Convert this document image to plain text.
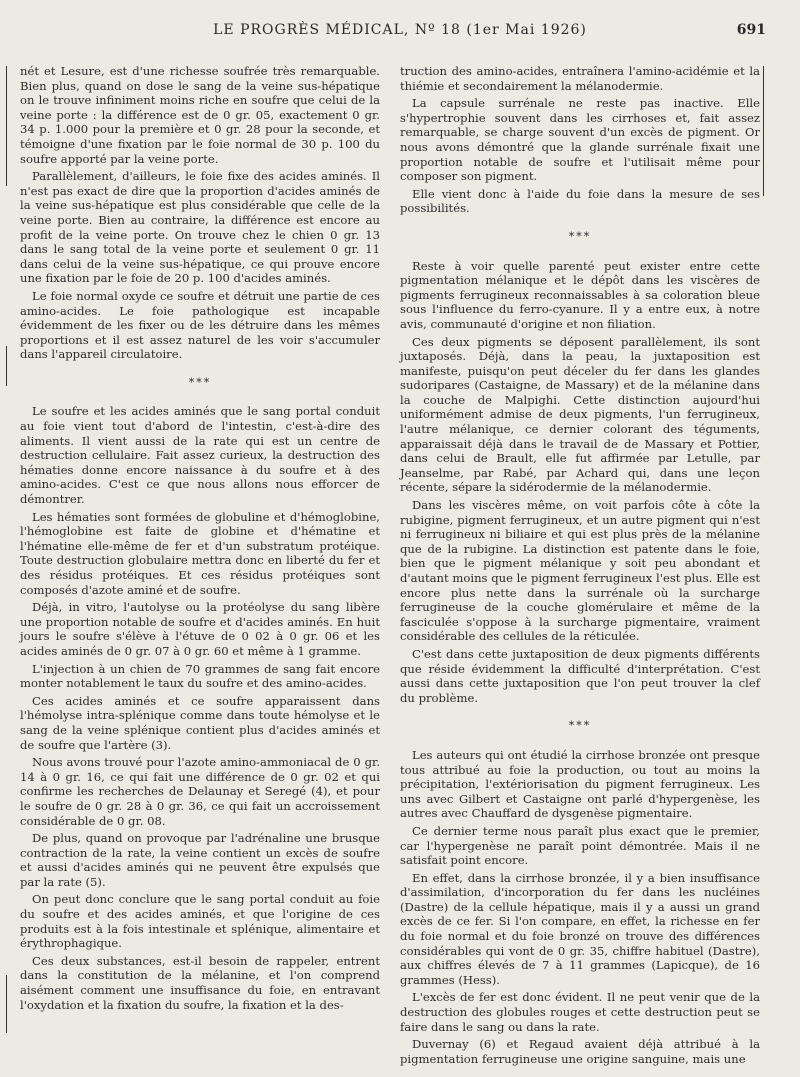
LE PROGRÈS MÉDICAL, Nº 18 (1er Mai 1926)	691

nét et Lesure, est d'une richesse soufrée très remarquable. Bien plus, quand on dose le sang de la veine sus-hépatique on le trouve infiniment moins riche en soufre que celui de la veine porte : la différence est de 0 gr. 05, exactement 0 gr. 34 p. 1.000 pour la première et 0 gr. 28 pour la seconde, et témoigne d'une fixation par le foie normal de 30 p. 100 du soufre apporté par la veine porte.

Parallèlement, d'ailleurs, le foie fixe des acides aminés. Il n'est pas exact de dire que la proportion d'acides aminés de la veine sus-hépatique est plus considérable que celle de la veine porte. Bien au contraire, la différence est encore au profit de la veine porte. On trouve chez le chien 0 gr. 13 dans le sang total de la veine porte et seulement 0 gr. 11 dans celui de la veine sus-hépatique, ce qui prouve encore une fixation par le foie de 20 p. 100 d'acides aminés.

Le foie normal oxyde ce soufre et détruit une partie de ces amino-acides. Le foie pathologique est incapable évidemment de les fixer ou de les détruire dans les mêmes proportions et il est assez naturel de les voir s'accumuler dans l'appareil circulatoire.

***

Le soufre et les acides aminés que le sang portal conduit au foie vient tout d'abord de l'intestin, c'est-à-dire des aliments. Il vient aussi de la rate qui est un centre de destruction cellulaire. Fait assez curieux, la destruction des hématies donne encore naissance à du soufre et à des amino-acides. C'est ce que nous allons nous efforcer de démontrer.

Les hématies sont formées de globuline et d'hémoglobine, l'hémoglobine est faite de globine et d'hématine et l'hématine elle-même de fer et d'un substratum protéique. Toute destruction globulaire mettra donc en liberté du fer et des résidus protéiques. Et ces résidus protéiques sont composés d'azote aminé et de soufre.

Déjà, in vitro, l'autolyse ou la protéolyse du sang libère une proportion notable de soufre et d'acides aminés. En huit jours le soufre s'élève à l'étuve de 0 02 à 0 gr. 06 et les acides aminés de 0 gr. 07 à 0 gr. 60 et même à 1 gramme.

L'injection à un chien de 70 grammes de sang fait encore monter notablement le taux du soufre et des amino-acides.

Ces acides aminés et ce soufre apparaissent dans l'hémolyse intra-splénique comme dans toute hémolyse et le sang de la veine splénique contient plus d'acides aminés et de soufre que l'artère (3).

Nous avons trouvé pour l'azote amino-ammoniacal de 0 gr. 14 à 0 gr. 16, ce qui fait une différence de 0 gr. 02 et qui confirme les recherches de Delaunay et Seregé (4), et pour le soufre de 0 gr. 28 à 0 gr. 36, ce qui fait un accroissement considérable de 0 gr. 08.

De plus, quand on provoque par l'adrénaline une brusque contraction de la rate, la veine contient un excès de soufre et aussi d'acides aminés qui ne peuvent être expulsés que par la rate (5).

On peut donc conclure que le sang portal conduit au foie du soufre et des acides aminés, et que l'origine de ces produits est à la fois intestinale et splénique, alimentaire et érythrophagique.

Ces deux substances, est-il besoin de rappeler, entrent dans la constitution de la mélanine, et l'on comprend aisément comment une insuffisance du foie, en entravant l'oxydation et la fixation du soufre, la fixation et la des-

truction des amino-acides, entraînera l'amino-acidémie et la thiémie et secondairement la mélanodermie.

La capsule surrénale ne reste pas inactive. Elle s'hypertrophie souvent dans les cirrhoses et, fait assez remarquable, se charge souvent d'un excès de pigment. Or nous avons démontré que la glande surrénale fixait une proportion notable de soufre et l'utilisait même pour composer son pigment.

Elle vient donc à l'aide du foie dans la mesure de ses possibilités.

***

Reste à voir quelle parenté peut exister entre cette pigmentation mélanique et le dépôt dans les viscères de pigments ferrugineux reconnaissables à sa coloration bleue sous l'influence du ferro-cyanure. Il y a entre eux, à notre avis, communauté d'origine et non filiation.

Ces deux pigments se déposent parallèlement, ils sont juxtaposés. Déjà, dans la peau, la juxtaposition est manifeste, puisqu'on peut déceler du fer dans les glandes sudoripares (Castaigne, de Massary) et de la mélanine dans la couche de Malpighi. Cette distinction aujourd'hui uniformément admise de deux pigments, l'un ferrugineux, l'autre mélanique, ce dernier colorant des téguments, apparaissait déjà dans le travail de de Massary et Pottier, dans celui de Brault, elle fut affirmée par Letulle, par Jeanselme, par Rabé, par Achard qui, dans une leçon récente, sépare la sidérodermie de la mélanodermie.

Dans les viscères même, on voit parfois côte à côte la rubigine, pigment ferrugineux, et un autre pigment qui n'est ni ferrugineux ni biliaire et qui est plus près de la mélanine que de la rubigine. La distinction est patente dans le foie, bien que le pigment mélanique y soit peu abondant et d'autant moins que le pigment ferrugineux l'est plus. Elle est encore plus nette dans la surrénale où la surcharge ferrugineuse de la couche glomérulaire et même de la fasciculée s'oppose à la surcharge pigmentaire, vraiment considérable des cellules de la réticulée.

C'est dans cette juxtaposition de deux pigments différents que réside évidemment la difficulté d'interprétation. C'est aussi dans cette juxtaposition que l'on peut trouver la clef du problème.

***

Les auteurs qui ont étudié la cirrhose bronzée ont presque tous attribué au foie la production, ou tout au moins la précipitation, l'extériorisation du pigment ferrugineux. Les uns avec Gilbert et Castaigne ont parlé d'hypergenèse, les autres avec Chauffard de dysgenèse pigmentaire.

Ce dernier terme nous paraît plus exact que le premier, car l'hypergenèse ne paraît point démontrée. Mais il ne satisfait point encore.

En effet, dans la cirrhose bronzée, il y a bien insuffisance d'assimilation, d'incorporation du fer dans les nucléines (Dastre) de la cellule hépatique, mais il y a aussi un grand excès de ce fer. Si l'on compare, en effet, la richesse en fer du foie normal et du foie bronzé on trouve des différences considérables qui vont de 0 gr. 35, chiffre habituel (Dastre), aux chiffres élevés de 7 à 11 grammes (Lapicque), de 16 grammes (Hess).

L'excès de fer est donc évident. Il ne peut venir que de la destruction des globules rouges et cette destruction peut se faire dans le sang ou dans la rate.

Duvernay (6) et Regaud avaient déjà attribué à la pigmentation ferrugineuse une origine sanguine, mais une
